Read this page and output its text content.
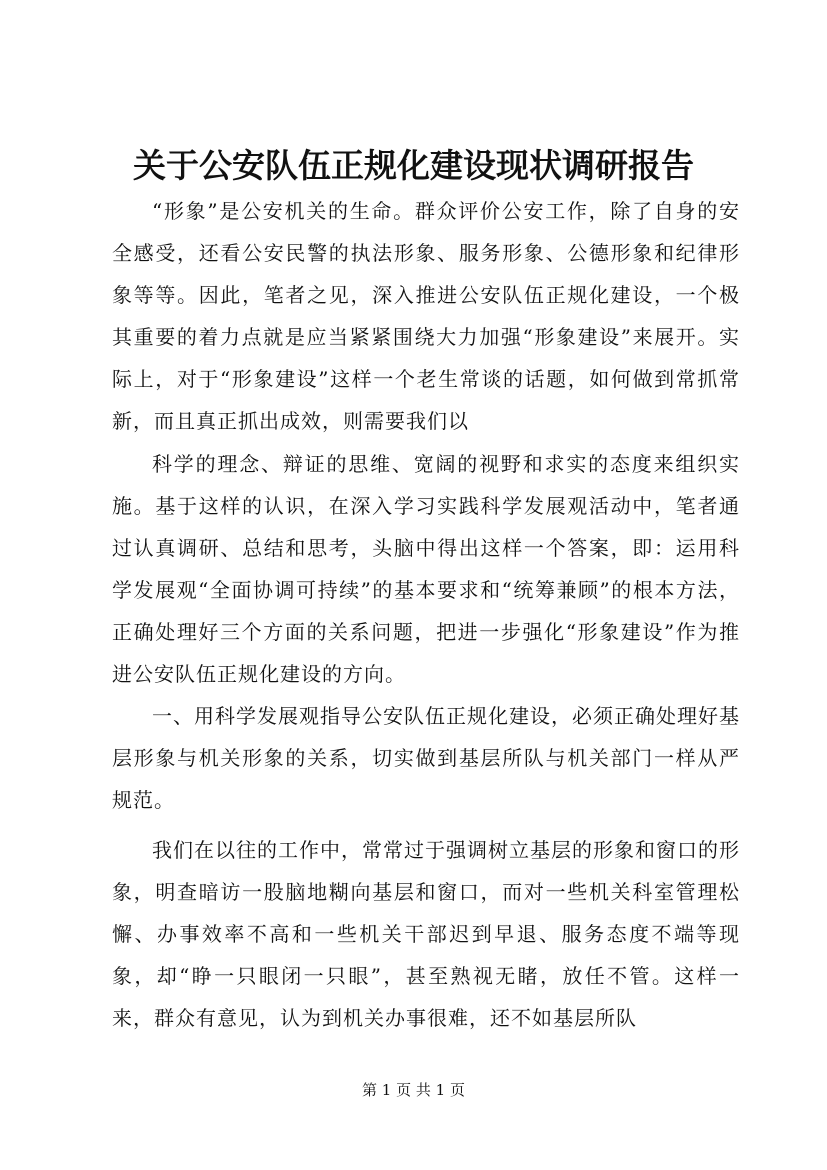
关于公安队伍正规化建设现状调研报告

“形象”是公安机关的生命。群众评价公安工作，除了自身的安全感受，还看公安民警的执法形象、服务形象、公德形象和纪律形象等等。因此，笔者之见，深入推进公安队伍正规化建设，一个极其重要的着力点就是应当紧紧围绕大力加强“形象建设”来展开。实际上，对于“形象建设”这样一个老生常谈的话题，如何做到常抓常新，而且真正抓出成效，则需要我们以

科学的理念、辩证的思维、宽阔的视野和求实的态度来组织实施。基于这样的认识，在深入学习实践科学发展观活动中，笔者通过认真调研、总结和思考，头脑中得出这样一个答案，即：运用科学发展观“全面协调可持续”的基本要求和“统筹兼顾”的根本方法，正确处理好三个方面的关系问题，把进一步强化“形象建设”作为推进公安队伍正规化建设的方向。

一、用科学发展观指导公安队伍正规化建设，必须正确处理好基层形象与机关形象的关系，切实做到基层所队与机关部门一样从严规范。

我们在以往的工作中，常常过于强调树立基层的形象和窗口的形象，明查暗访一股脑地糊向基层和窗口，而对一些机关科室管理松懈、办事效率不高和一些机关干部迟到早退、服务态度不端等现象，却“睁一只眼闭一只眼”，甚至熟视无睹，放任不管。这样一来，群众有意见，认为到机关办事很难，还不如基层所队

第 1 页 共 1 页
